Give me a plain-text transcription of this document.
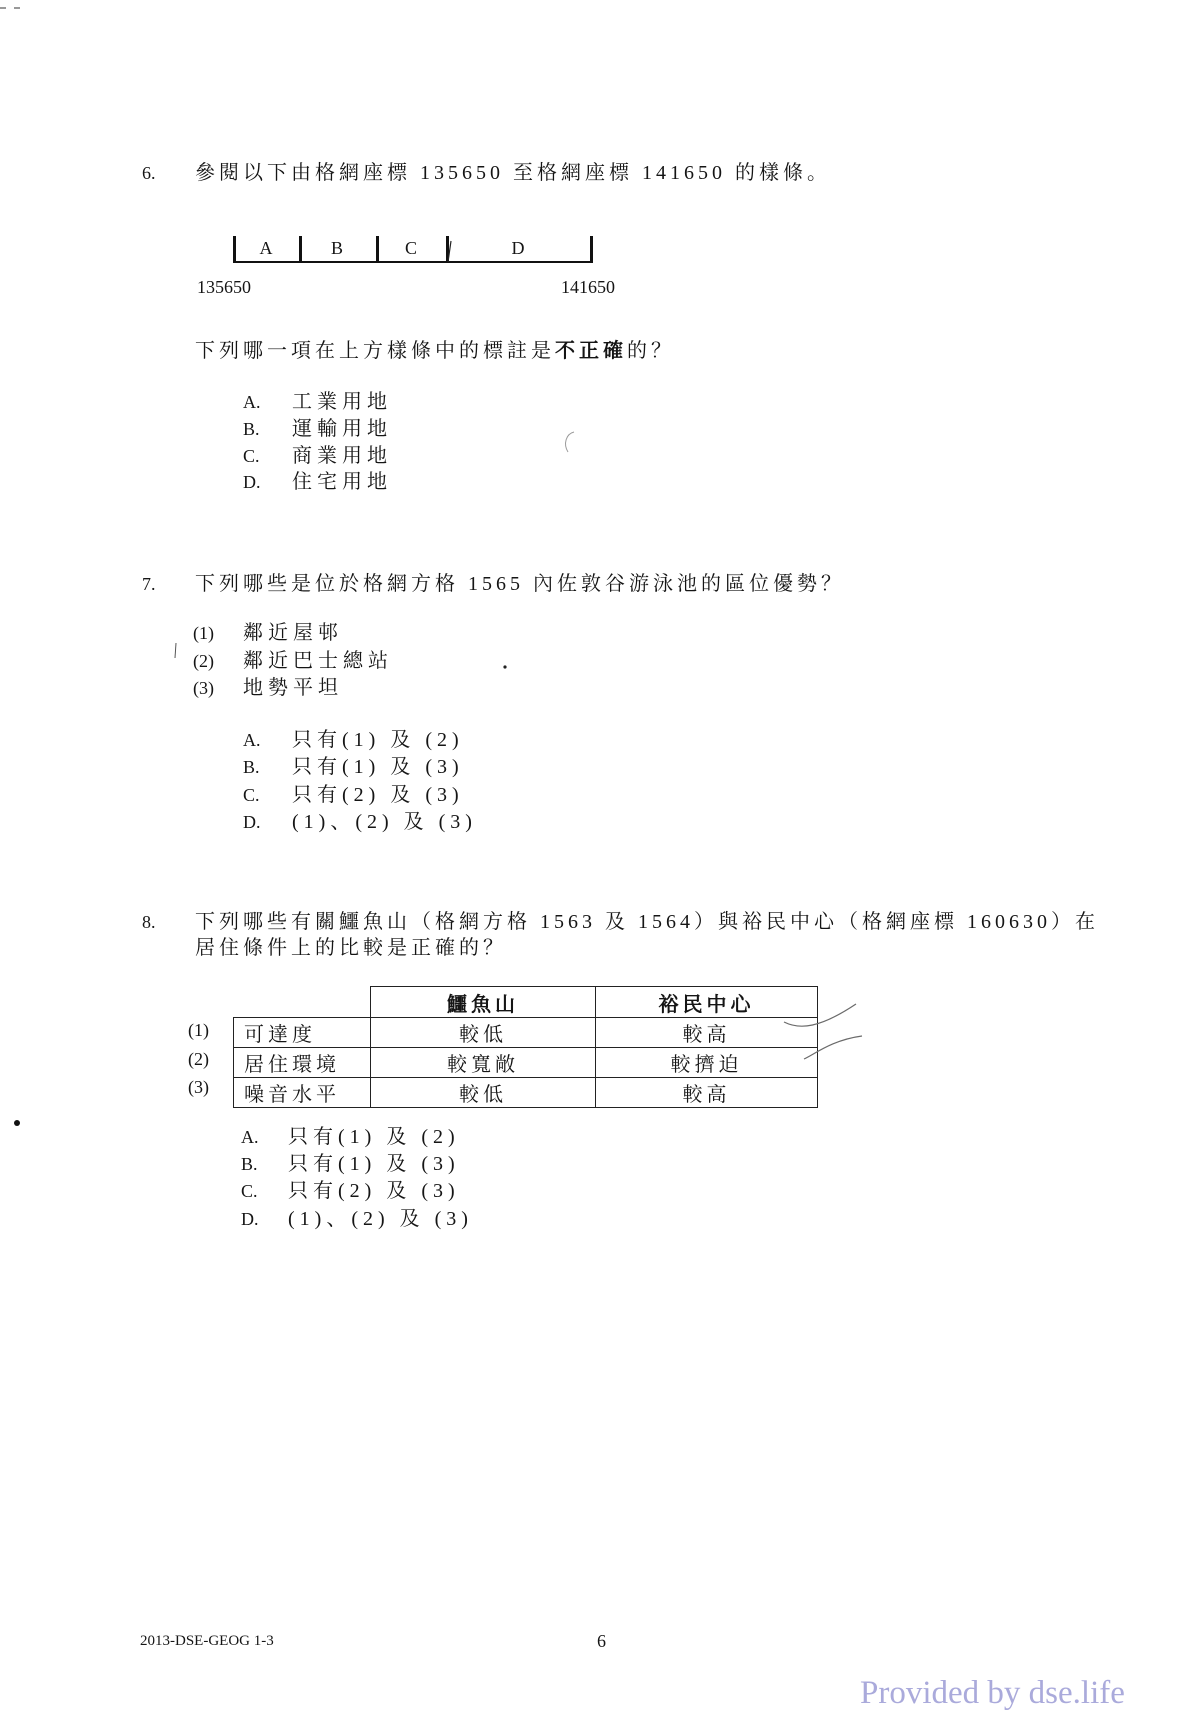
6. 參閱以下由格網座標 135650 至格網座標 141650 的樣條。
A	B	C	D
135650	141650
下列哪一項在上方樣條中的標註是不正確的？
A.	工業用地
B.	運輸用地
C.	商業用地
D.	住宅用地
7. 下列哪些是位於格網方格 1565 內佐敦谷游泳池的區位優勢？
(1)	鄰近屋邨
(2)	鄰近巴士總站
(3)	地勢平坦
A.	只有(1) 及 (2)
B.	只有(1) 及 (3)
C.	只有(2) 及 (3)
D.	(1)、(2) 及 (3)
8. 下列哪些有關鱷魚山（格網方格 1563 及 1564）與裕民中心（格網座標 160630）在
居住條件上的比較是正確的？
	鱷魚山	裕民中心
可達度	較低	較高
居住環境	較寬敞	較擠迫
噪音水平	較低	較高
(1)
(2)
(3)
A.	只有(1) 及 (2)
B.	只有(1) 及 (3)
C.	只有(2) 及 (3)
D.	(1)、(2) 及 (3)
2013-DSE-GEOG 1-3	6
Provided by dse.life
